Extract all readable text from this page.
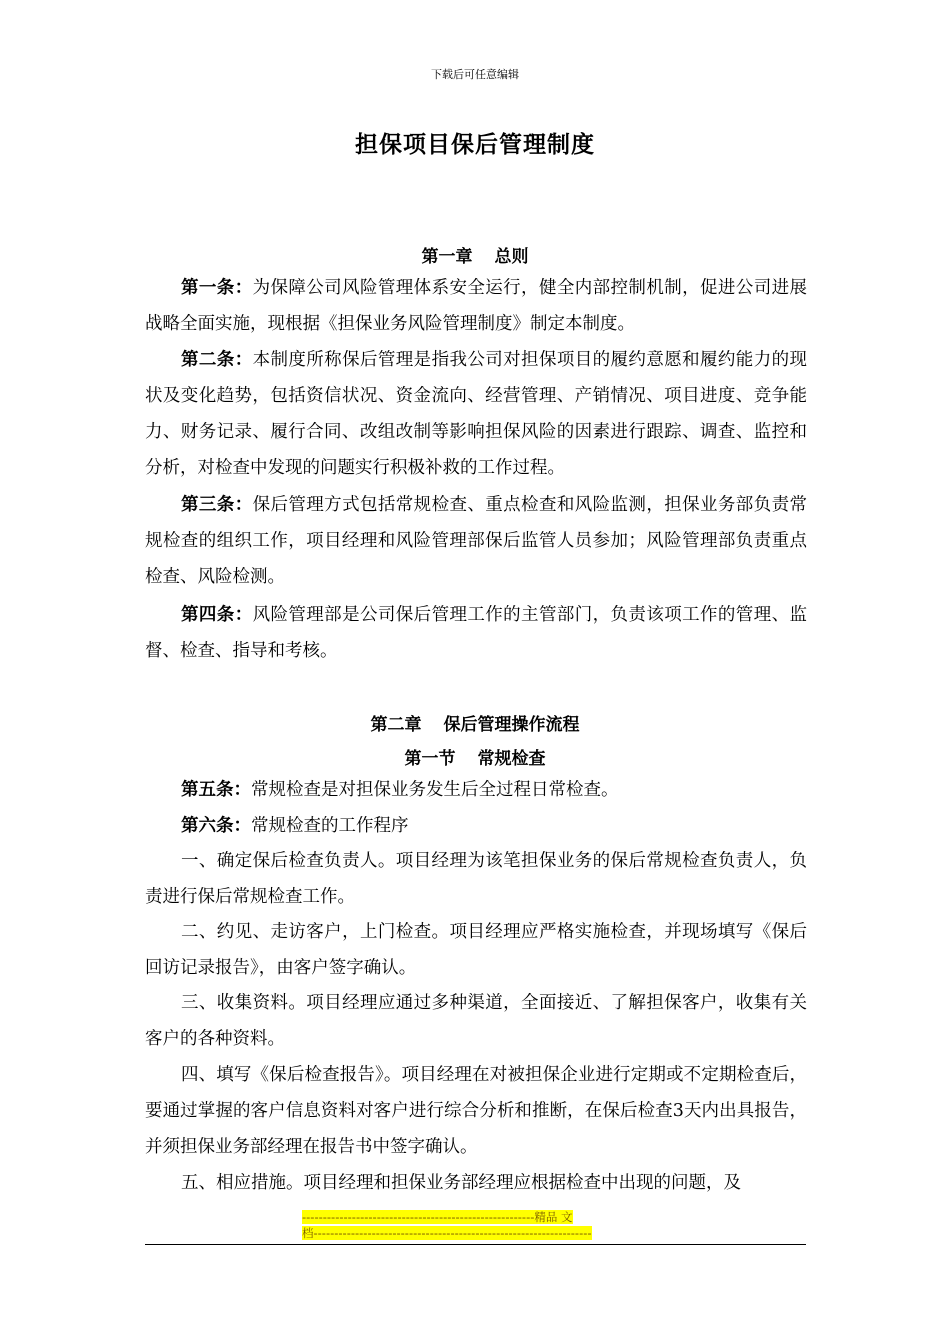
下载后可任意编辑
担保项目保后管理制度
第一章 总则
第一条：为保障公司风险管理体系安全运行，健全内部控制机制，促进公司进展战略全面实施，现根据《担保业务风险管理制度》制定本制度。
第二条：本制度所称保后管理是指我公司对担保项目的履约意愿和履约能力的现状及变化趋势，包括资信状况、资金流向、经营管理、产销情况、项目进度、竞争能力、财务记录、履行合同、改组改制等影响担保风险的因素进行跟踪、调查、监控和分析，对检查中发现的问题实行积极补救的工作过程。
第三条：保后管理方式包括常规检查、重点检查和风险监测，担保业务部负责常规检查的组织工作，项目经理和风险管理部保后监管人员参加；风险管理部负责重点检查、风险检测。
第四条：风险管理部是公司保后管理工作的主管部门，负责该项工作的管理、监督、检查、指导和考核。
第二章 保后管理操作流程
第一节 常规检查
第五条：常规检查是对担保业务发生后全过程日常检查。
第六条：常规检查的工作程序
一、确定保后检查负责人。项目经理为该笔担保业务的保后常规检查负责人，负责进行保后常规检查工作。
二、约见、走访客户，上门检查。项目经理应严格实施检查，并现场填写《保后回访记录报告》，由客户签字确认。
三、收集资料。项目经理应通过多种渠道，全面接近、了解担保客户，收集有关客户的各种资料。
四、填写《保后检查报告》。项目经理在对被担保企业进行定期或不定期检查后，要通过掌握的客户信息资料对客户进行综合分析和推断，在保后检查3天内出具报告，并须担保业务部经理在报告书中签字确认。
五、相应措施。项目经理和担保业务部经理应根据检查中出现的问题，及
--------------------------------------------------------精品 文
档-------------------------------------------------------------------
